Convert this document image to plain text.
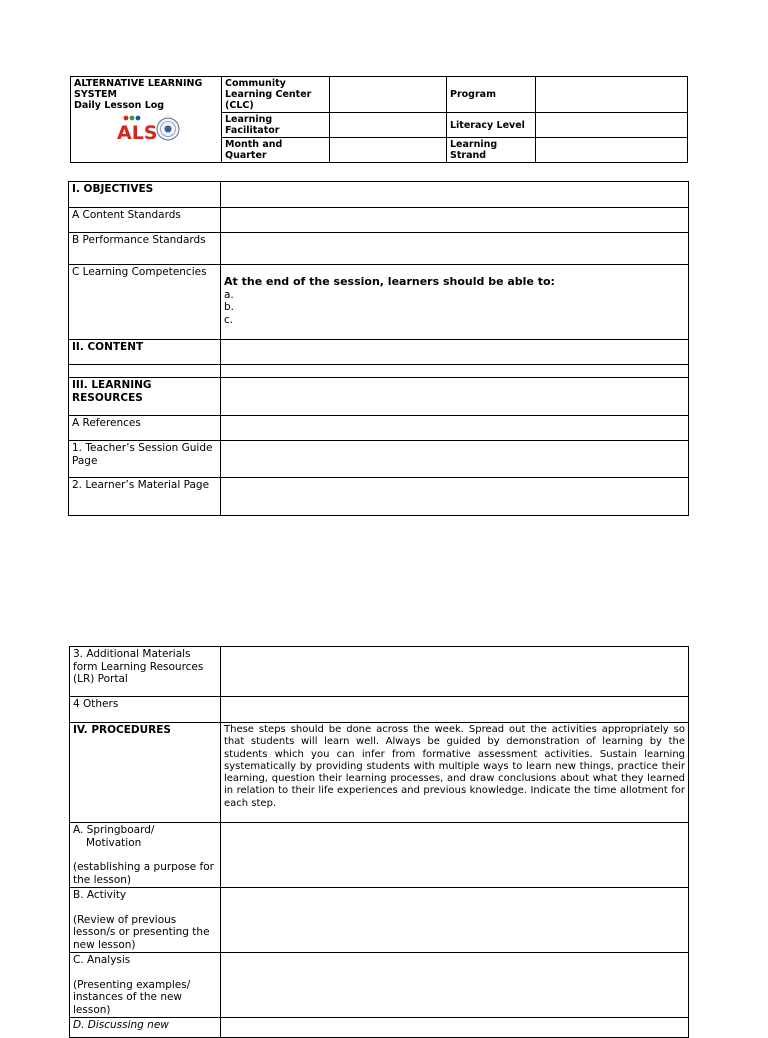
ALTERNATIVE LEARNING
SYSTEM
Daily Lesson Log
ALS	Community Learning Center (CLC)		Program	
	Learning Facilitator		Literacy Level	
	Month and Quarter		Learning Strand	
I. OBJECTIVES	
A Content Standards	
B Performance Standards	
C Learning Competencies	At the end of the session, learners should be able to:
a.
b.
c.

II. CONTENT	

III. LEARNING RESOURCES	
A References	
1. Teacher’s Session Guide Page	
2. Learner’s Material Page	
3. Additional Materials form Learning Resources (LR) Portal	
4 Others	
IV. PROCEDURES	These steps should be done across the week. Spread out the activities appropriately so that students will learn well. Always be guided by demonstration of learning by the students which you can infer from formative assessment activities. Sustain learning systematically by providing students with multiple ways to learn new things, practice their learning, question their learning processes, and draw conclusions about what they learned in relation to their life experiences and previous knowledge. Indicate the time allotment for each step.

A. Springboard/
Motivation
(establishing a purpose for the lesson)	

B. Activity
(Review of previous lesson/s or presenting the new lesson)	

C. Analysis
(Presenting examples/ instances of the new lesson)	

D. Discussing new	
